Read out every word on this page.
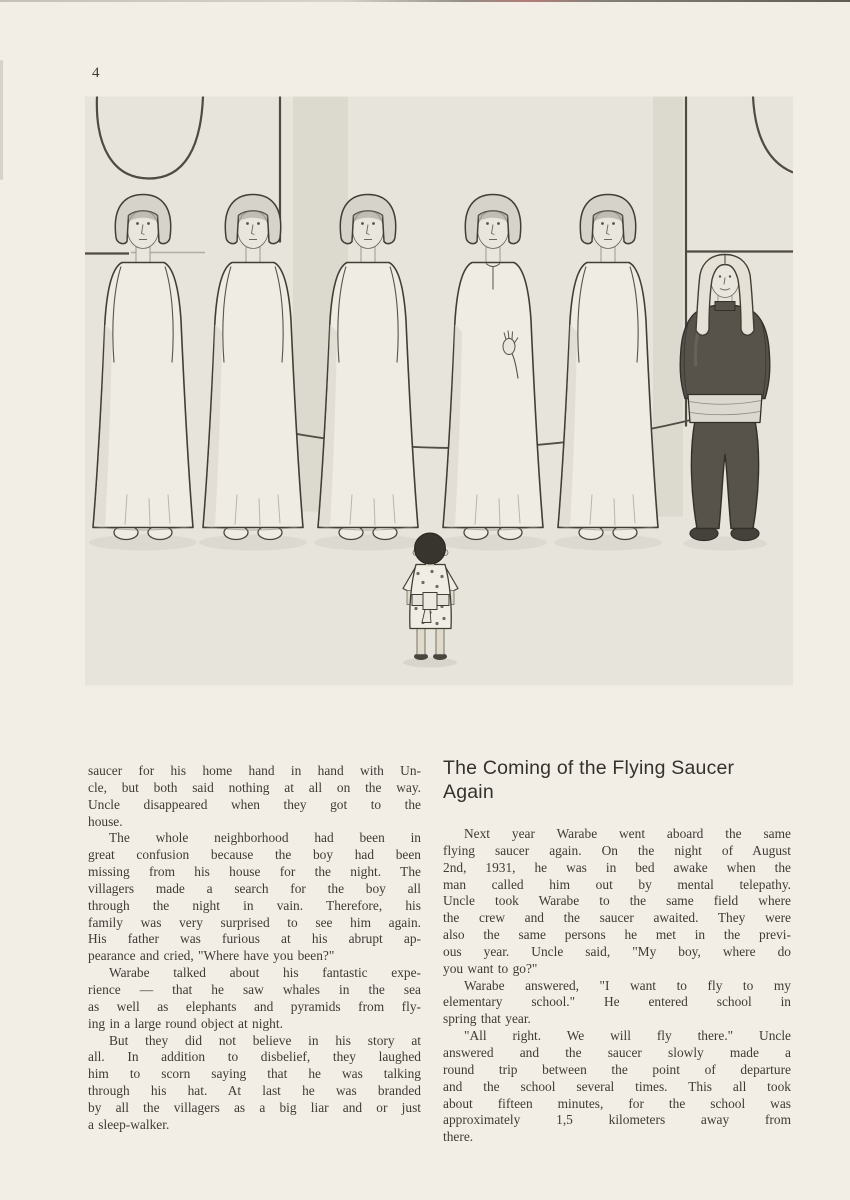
4
saucer for his home hand in hand with Un-
cle, but both said nothing at all on the way.
Uncle disappeared when they got to the
house.
The whole neighborhood had been in
great confusion because the boy had been
missing from his house for the night. The
villagers made a search for the boy all
through the night in vain. Therefore, his
family was very surprised to see him again.
His father was furious at his abrupt ap-
pearance and cried, "Where have you been?"
Warabe talked about his fantastic expe-
rience — that he saw whales in the sea
as well as elephants and pyramids from fly-
ing in a large round object at night.
But they did not believe in his story at
all. In addition to disbelief, they laughed
him to scorn saying that he was talking
through his hat. At last he was branded
by all the villagers as a big liar and or just
a sleep-walker.
The Coming of the Flying Saucer
Again
Next year Warabe went aboard the same
flying saucer again. On the night of August
2nd, 1931, he was in bed awake when the
man called him out by mental telepathy.
Uncle took Warabe to the same field where
the crew and the saucer awaited. They were
also the same persons he met in the previ-
ous year. Uncle said, "My boy, where do
you want to go?"
Warabe answered, "I want to fly to my
elementary school." He entered school in
spring that year.
"All right. We will fly there." Uncle
answered and the saucer slowly made a
round trip between the point of departure
and the school several times. This all took
about fifteen minutes, for the school was
approximately 1,5 kilometers away from
there.
